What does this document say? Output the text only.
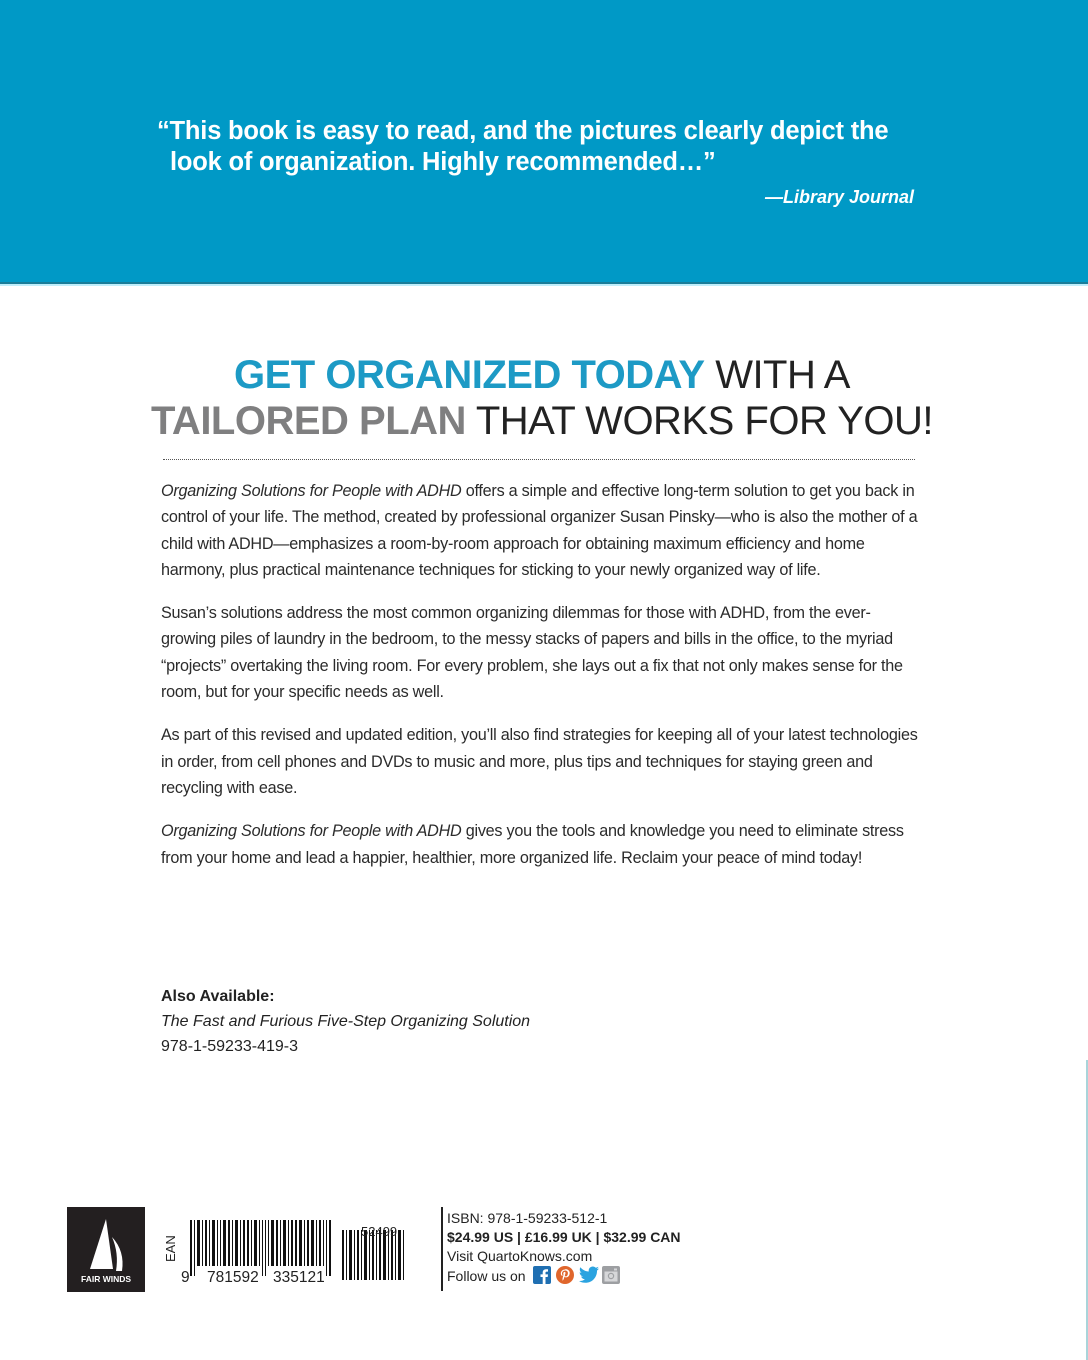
“This book is easy to read, and the pictures clearly depict the
look of organization. Highly recommended…”
—Library Journal
GET ORGANIZED TODAY WITH A
TAILORED PLAN THAT WORKS FOR YOU!

Organizing Solutions for People with ADHD offers a simple and effective long-term solution to get you back in control of your life. The method, created by professional organizer Susan Pinsky—who is also the mother of a child with ADHD—emphasizes a room-by-room approach for obtaining maximum efficiency and home harmony, plus practical maintenance techniques for sticking to your newly organized way of life.

Susan’s solutions address the most common organizing dilemmas for those with ADHD, from the ever-growing piles of laundry in the bedroom, to the messy stacks of papers and bills in the office, to the myriad “projects” overtaking the living room. For every problem, she lays out a fix that not only makes sense for the room, but for your specific needs as well.

As part of this revised and updated edition, you’ll also find strategies for keeping all of your latest technologies in order, from cell phones and DVDs to music and more, plus tips and techniques for staying green and recycling with ease.

Organizing Solutions for People with ADHD gives you the tools and knowledge you need to eliminate stress from your home and lead a happier, healthier, more organized life. Reclaim your peace of mind today!

Also Available:
The Fast and Furious Five-Step Organizing Solution
978-1-59233-419-3
FAIR WINDS
EAN
9 781592 335121
52499
ISBN: 978-1-59233-512-1
$24.99 US | £16.99 UK | $32.99 CAN
Visit QuartoKnows.com
Follow us on
